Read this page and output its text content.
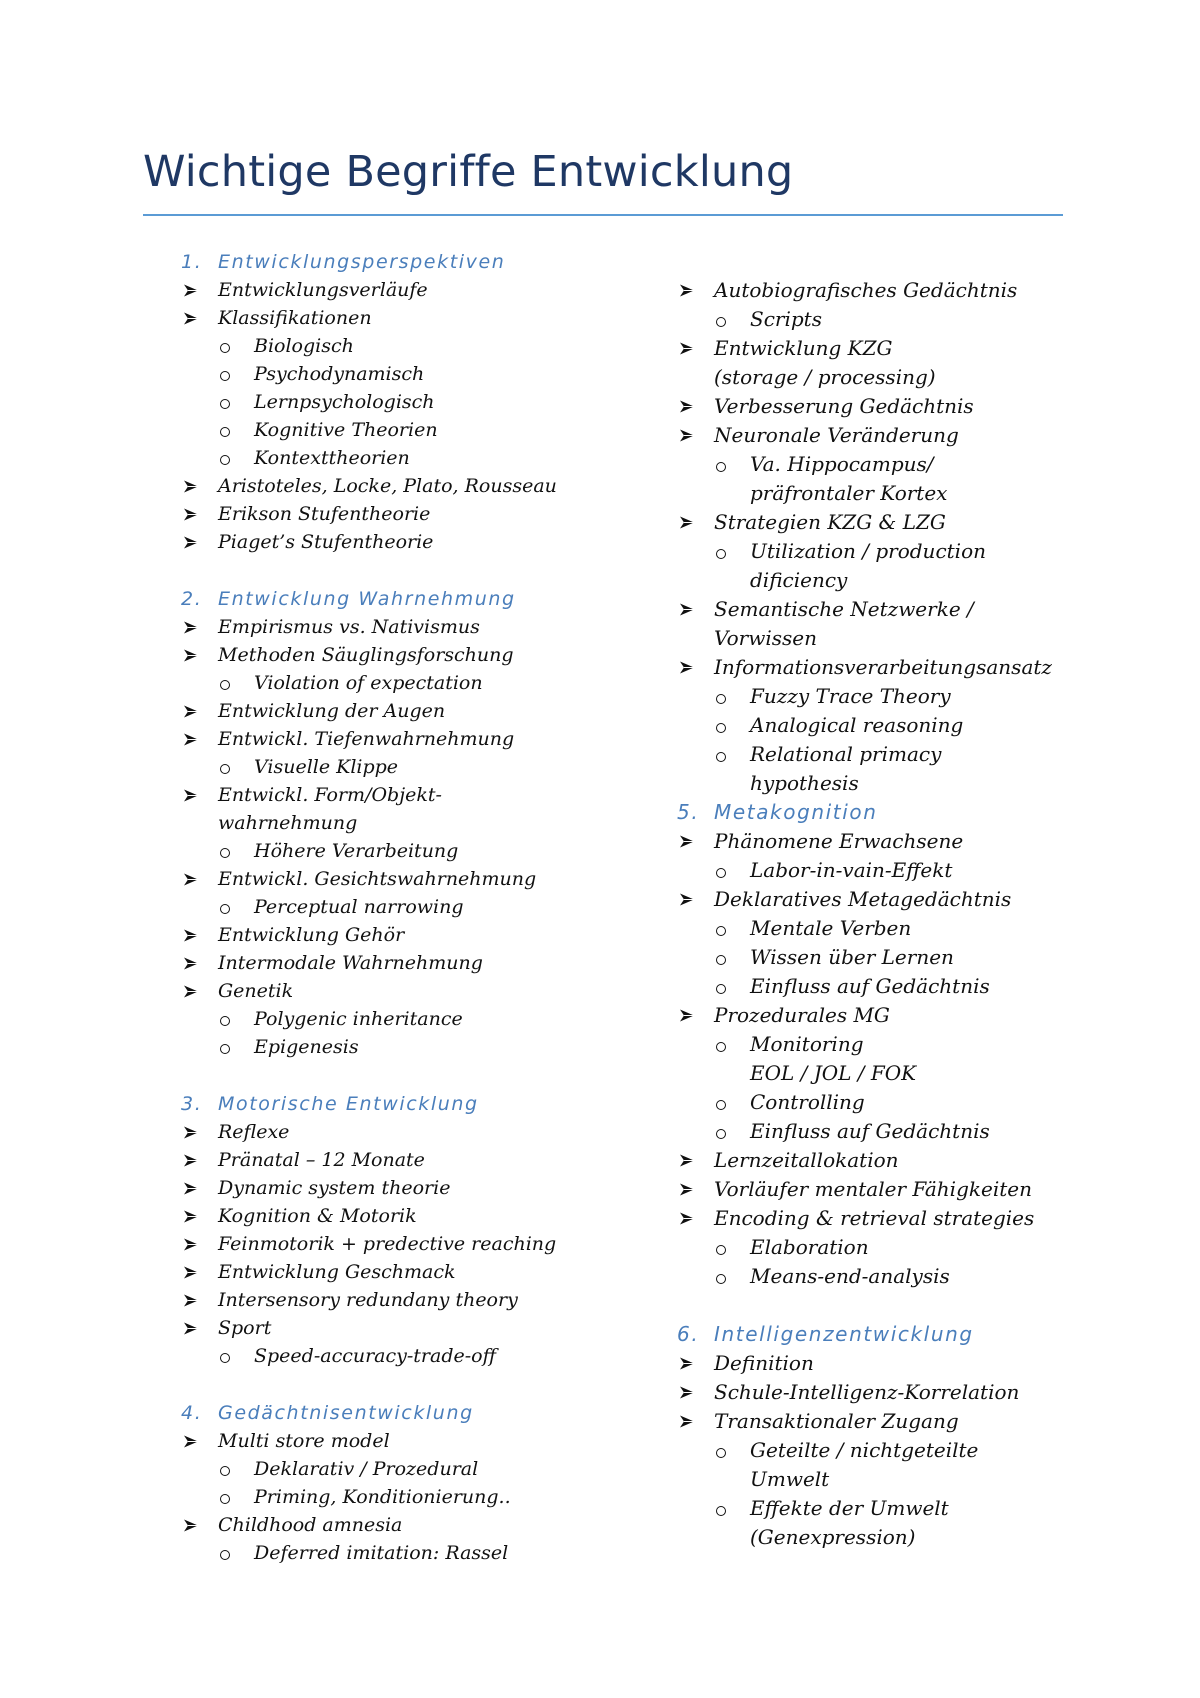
Wichtige Begriffe Entwicklung
1. Entwicklungsperspektiven
Entwicklungsverläufe
Klassifikationen
Biologisch
Psychodynamisch
Lernpsychologisch
Kognitive Theorien
Kontexttheorien
Aristoteles, Locke, Plato, Rousseau
Erikson Stufentheorie
Piaget’s Stufentheorie
2. Entwicklung Wahrnehmung
Empirismus vs. Nativismus
Methoden Säuglingsforschung
Violation of expectation
Entwicklung der Augen
Entwickl. Tiefenwahrnehmung
Visuelle Klippe
Entwickl. Form/Objekt-
wahrnehmung
Höhere Verarbeitung
Entwickl. Gesichtswahrnehmung
Perceptual narrowing
Entwicklung Gehör
Intermodale Wahrnehmung
Genetik
Polygenic inheritance
Epigenesis
3. Motorische Entwicklung
Reflexe
Pränatal – 12 Monate
Dynamic system theorie
Kognition & Motorik
Feinmotorik + predective reaching
Entwicklung Geschmack
Intersensory redundany theory
Sport
Speed-accuracy-trade-off
4. Gedächtnisentwicklung
Multi store model
Deklarativ / Prozedural
Priming, Konditionierung..
Childhood amnesia
Deferred imitation: Rassel
Autobiografisches Gedächtnis
Scripts
Entwicklung KZG
(storage / processing)
Verbesserung Gedächtnis
Neuronale Veränderung
Va. Hippocampus/
präfrontaler Kortex
Strategien KZG & LZG
Utilization / production
dificiency
Semantische Netzwerke /
Vorwissen
Informationsverarbeitungsansatz
Fuzzy Trace Theory
Analogical reasoning
Relational primacy
hypothesis
5. Metakognition
Phänomene Erwachsene
Labor-in-vain-Effekt
Deklaratives Metagedächtnis
Mentale Verben
Wissen über Lernen
Einfluss auf Gedächtnis
Prozedurales MG
Monitoring
EOL / JOL / FOK
Controlling
Einfluss auf Gedächtnis
Lernzeitallokation
Vorläufer mentaler Fähigkeiten
Encoding & retrieval strategies
Elaboration
Means-end-analysis
6. Intelligenzentwicklung
Definition
Schule-Intelligenz-Korrelation
Transaktionaler Zugang
Geteilte / nichtgeteilte
Umwelt
Effekte der Umwelt
(Genexpression)
